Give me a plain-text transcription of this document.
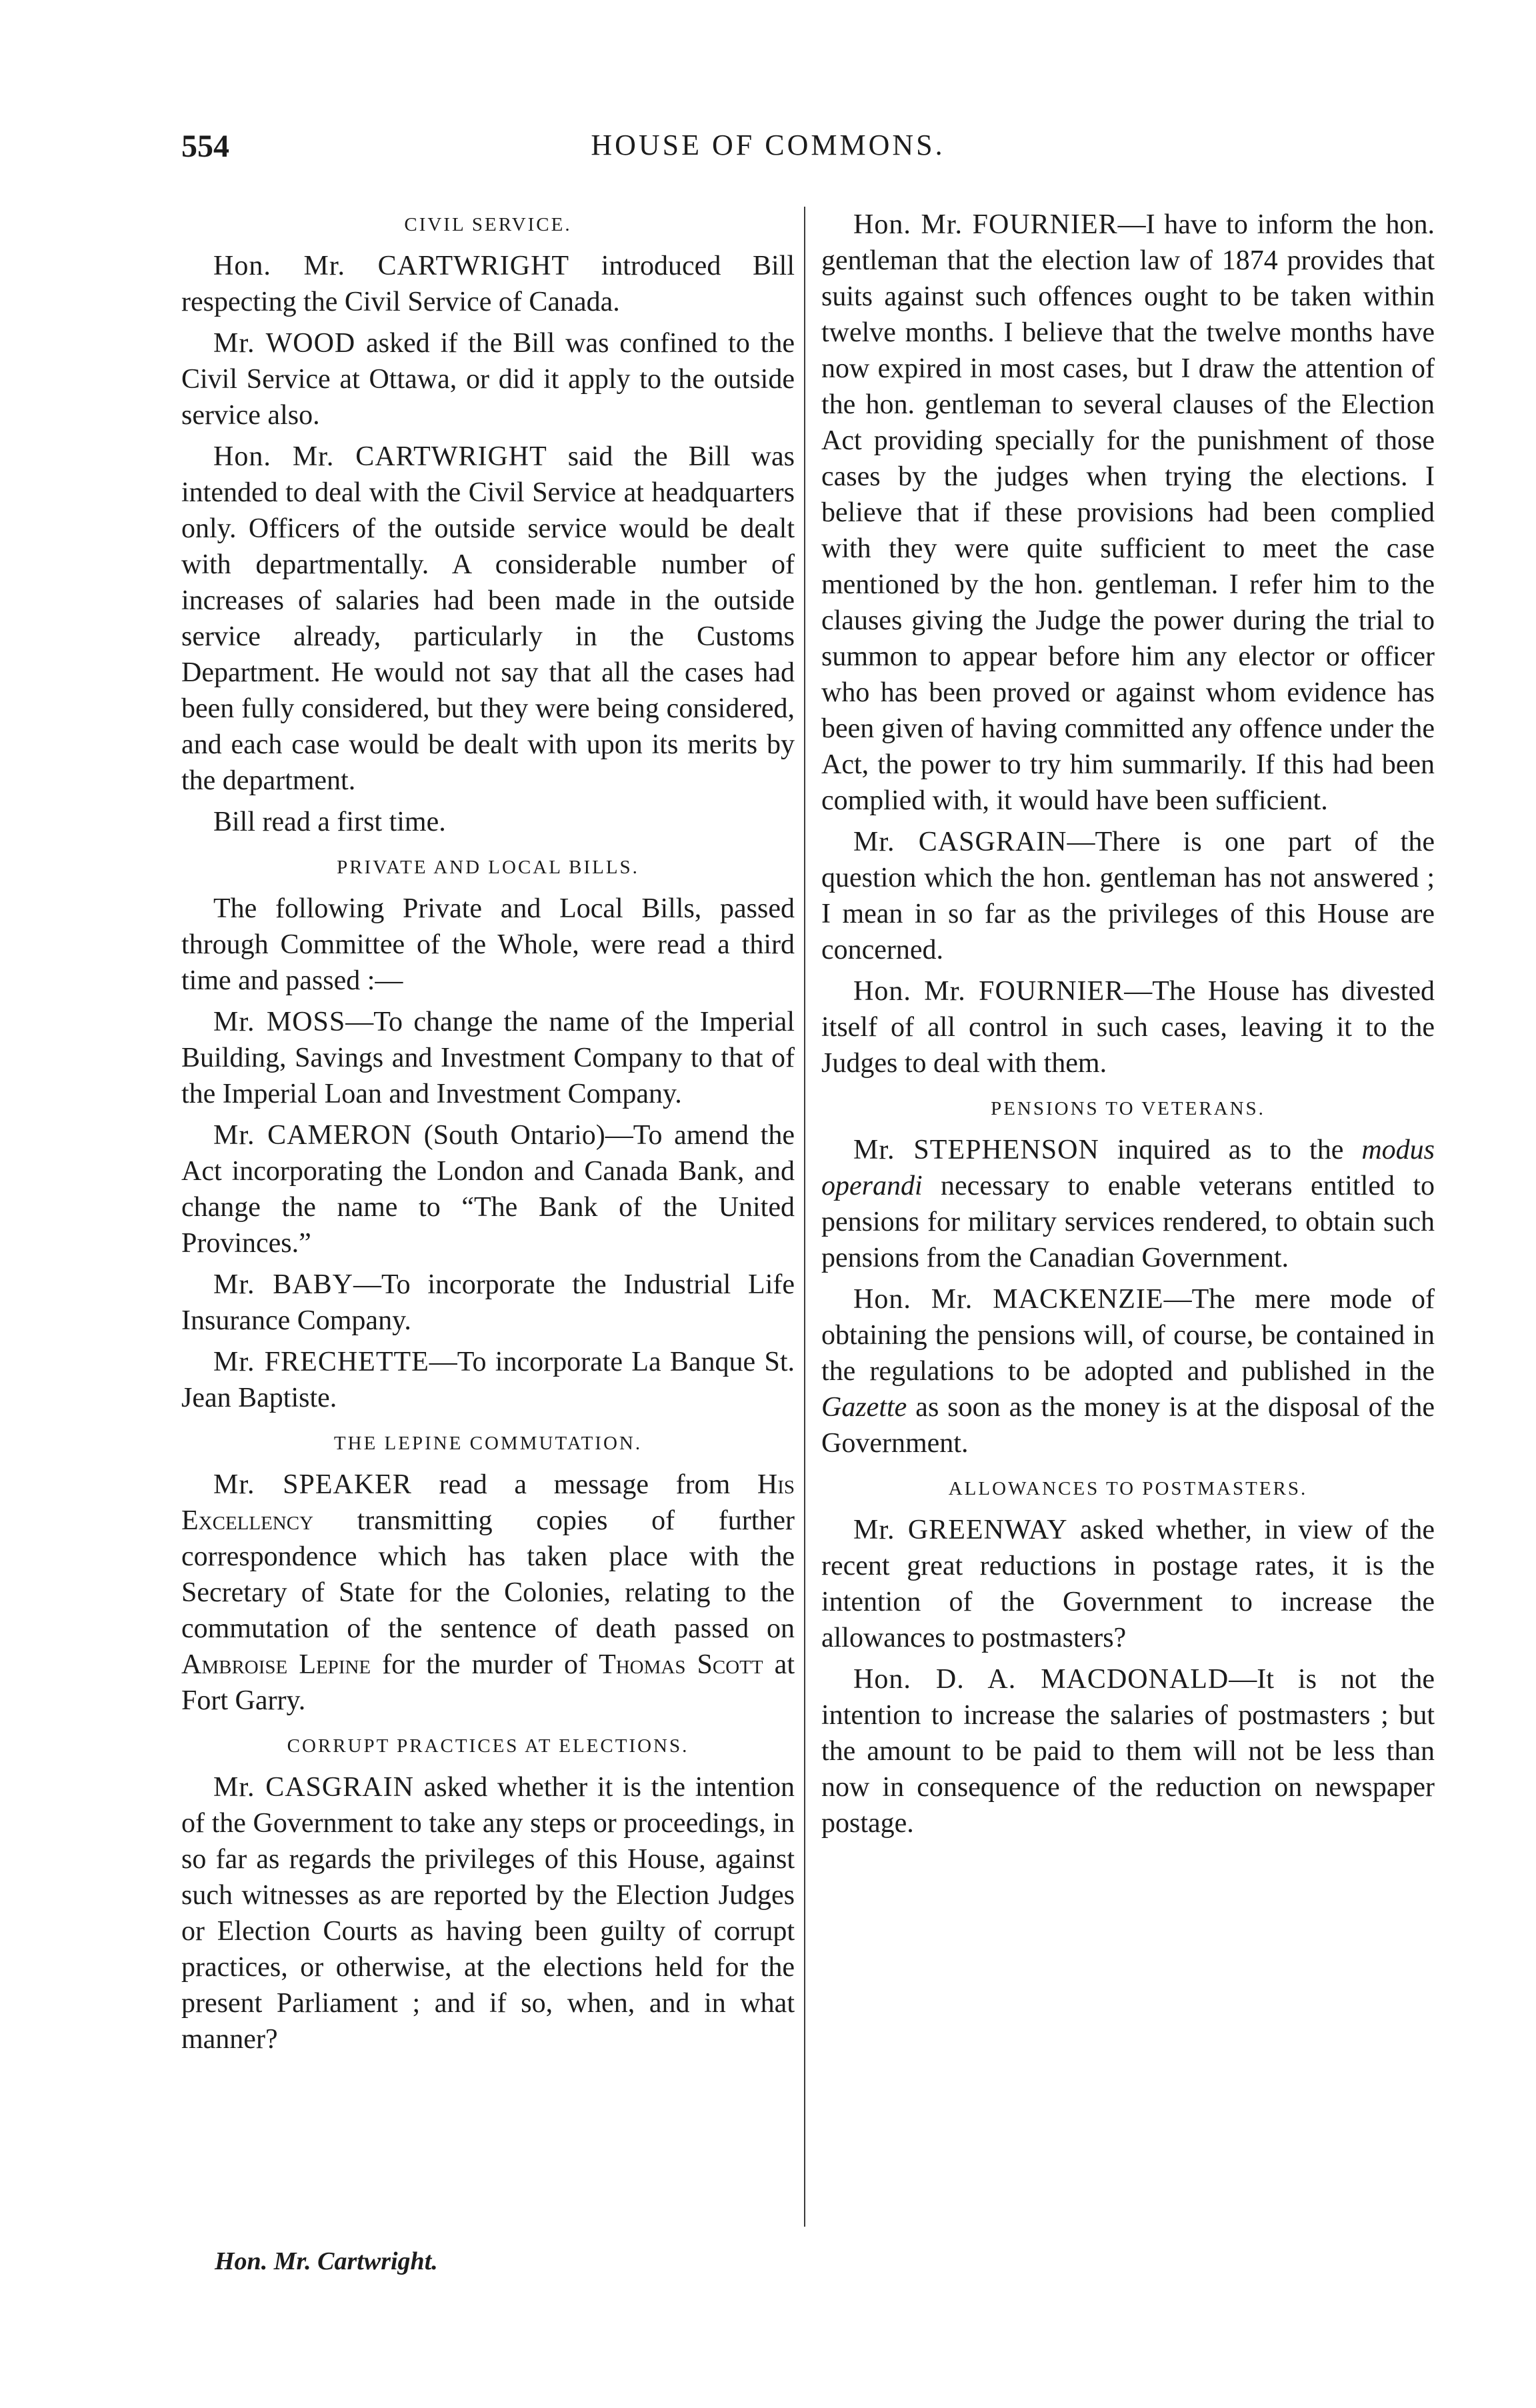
554	HOUSE OF COMMONS.
CIVIL SERVICE.

Hon. Mr. CARTWRIGHT introduced Bill respecting the Civil Service of Canada.

Mr. WOOD asked if the Bill was confined to the Civil Service at Ottawa, or did it apply to the outside service also.

Hon. Mr. CARTWRIGHT said the Bill was intended to deal with the Civil Service at headquarters only. Officers of the outside service would be dealt with departmentally. A considerable number of increases of salaries had been made in the outside service already, particularly in the Customs Department. He would not say that all the cases had been fully considered, but they were being considered, and each case would be dealt with upon its merits by the department.

Bill read a first time.

PRIVATE AND LOCAL BILLS.

The following Private and Local Bills, passed through Committee of the Whole, were read a third time and passed :—

Mr. MOSS—To change the name of the Imperial Building, Savings and Investment Company to that of the Imperial Loan and Investment Company.

Mr. CAMERON (South Ontario)—To amend the Act incorporating the London and Canada Bank, and change the name to “The Bank of the United Provinces.”

Mr. BABY—To incorporate the Industrial Life Insurance Company.

Mr. FRECHETTE—To incorporate La Banque St. Jean Baptiste.

THE LEPINE COMMUTATION.

Mr. SPEAKER read a message from His Excellency transmitting copies of further correspondence which has taken place with the Secretary of State for the Colonies, relating to the commutation of the sentence of death passed on Ambroise Lepine for the murder of Thomas Scott at Fort Garry.

CORRUPT PRACTICES AT ELECTIONS.

Mr. CASGRAIN asked whether it is the intention of the Government to take any steps or proceedings, in so far as regards the privileges of this House, against such witnesses as are reported by the Election Judges or Election Courts as having been guilty of corrupt practices, or otherwise, at the elections held for the present Parliament ; and if so, when, and in what manner?

Hon. Mr. FOURNIER—I have to inform the hon. gentleman that the election law of 1874 provides that suits against such offences ought to be taken within twelve months. I believe that the twelve months have now expired in most cases, but I draw the attention of the hon. gentleman to several clauses of the Election Act providing specially for the punishment of those cases by the judges when trying the elections. I believe that if these provisions had been complied with they were quite sufficient to meet the case mentioned by the hon. gentleman. I refer him to the clauses giving the Judge the power during the trial to summon to appear before him any elector or officer who has been proved or against whom evidence has been given of having committed any offence under the Act, the power to try him summarily. If this had been complied with, it would have been sufficient.

Mr. CASGRAIN—There is one part of the question which the hon. gentleman has not answered ; I mean in so far as the privileges of this House are concerned.

Hon. Mr. FOURNIER—The House has divested itself of all control in such cases, leaving it to the Judges to deal with them.

PENSIONS TO VETERANS.

Mr. STEPHENSON inquired as to the modus operandi necessary to enable veterans entitled to pensions for military services rendered, to obtain such pensions from the Canadian Government.

Hon. Mr. MACKENZIE—The mere mode of obtaining the pensions will, of course, be contained in the regulations to be adopted and published in the Gazette as soon as the money is at the disposal of the Government.

ALLOWANCES TO POSTMASTERS.

Mr. GREENWAY asked whether, in view of the recent great reductions in postage rates, it is the intention of the Government to increase the allowances to postmasters?

Hon. D. A. MACDONALD—It is not the intention to increase the salaries of postmasters ; but the amount to be paid to them will not be less than now in consequence of the reduction on newspaper postage.

Hon. Mr. Cartwright.
